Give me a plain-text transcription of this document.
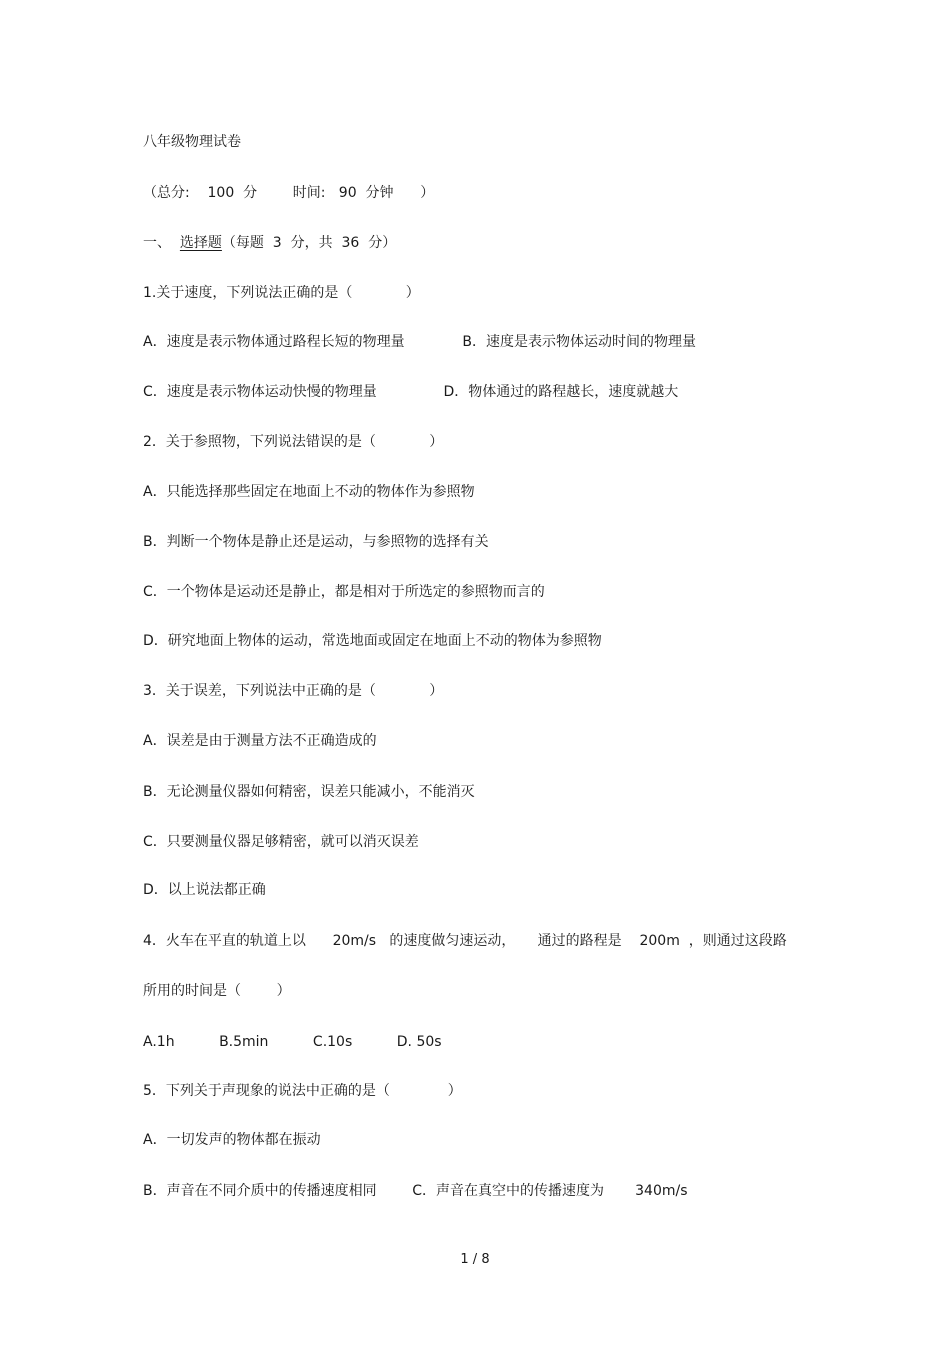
八年级物理试卷
（总分:    100  分        时间:   90  分钟      ）
一、  选择题（每题  3  分，共  36  分）
1.关于速度，下列说法正确的是（            ）
A．速度是表示物体通过路程长短的物理量             B．速度是表示物体运动时间的物理量
C．速度是表示物体运动快慢的物理量               D．物体通过的路程越长，速度就越大
2．关于参照物，下列说法错误的是（            ）
A．只能选择那些固定在地面上不动的物体作为参照物
B．判断一个物体是静止还是运动，与参照物的选择有关
C．一个物体是运动还是静止，都是相对于所选定的参照物而言的
D．研究地面上物体的运动，常选地面或固定在地面上不动的物体为参照物
3．关于误差，下列说法中正确的是（            ）
A．误差是由于测量方法不正确造成的
B．无论测量仪器如何精密，误差只能减小，不能消灭
C．只要测量仪器足够精密，就可以消灭误差
D．以上说法都正确
4．火车在平直的轨道上以      20m/s   的速度做匀速运动，     通过的路程是    200m  ，则通过这段路
所用的时间是（        ）
A.1h          B.5min          C.10s          D. 50s
5．下列关于声现象的说法中正确的是（             ）
A．一切发声的物体都在振动
B．声音在不同介质中的传播速度相同        C．声音在真空中的传播速度为       340m/s
1 / 8
